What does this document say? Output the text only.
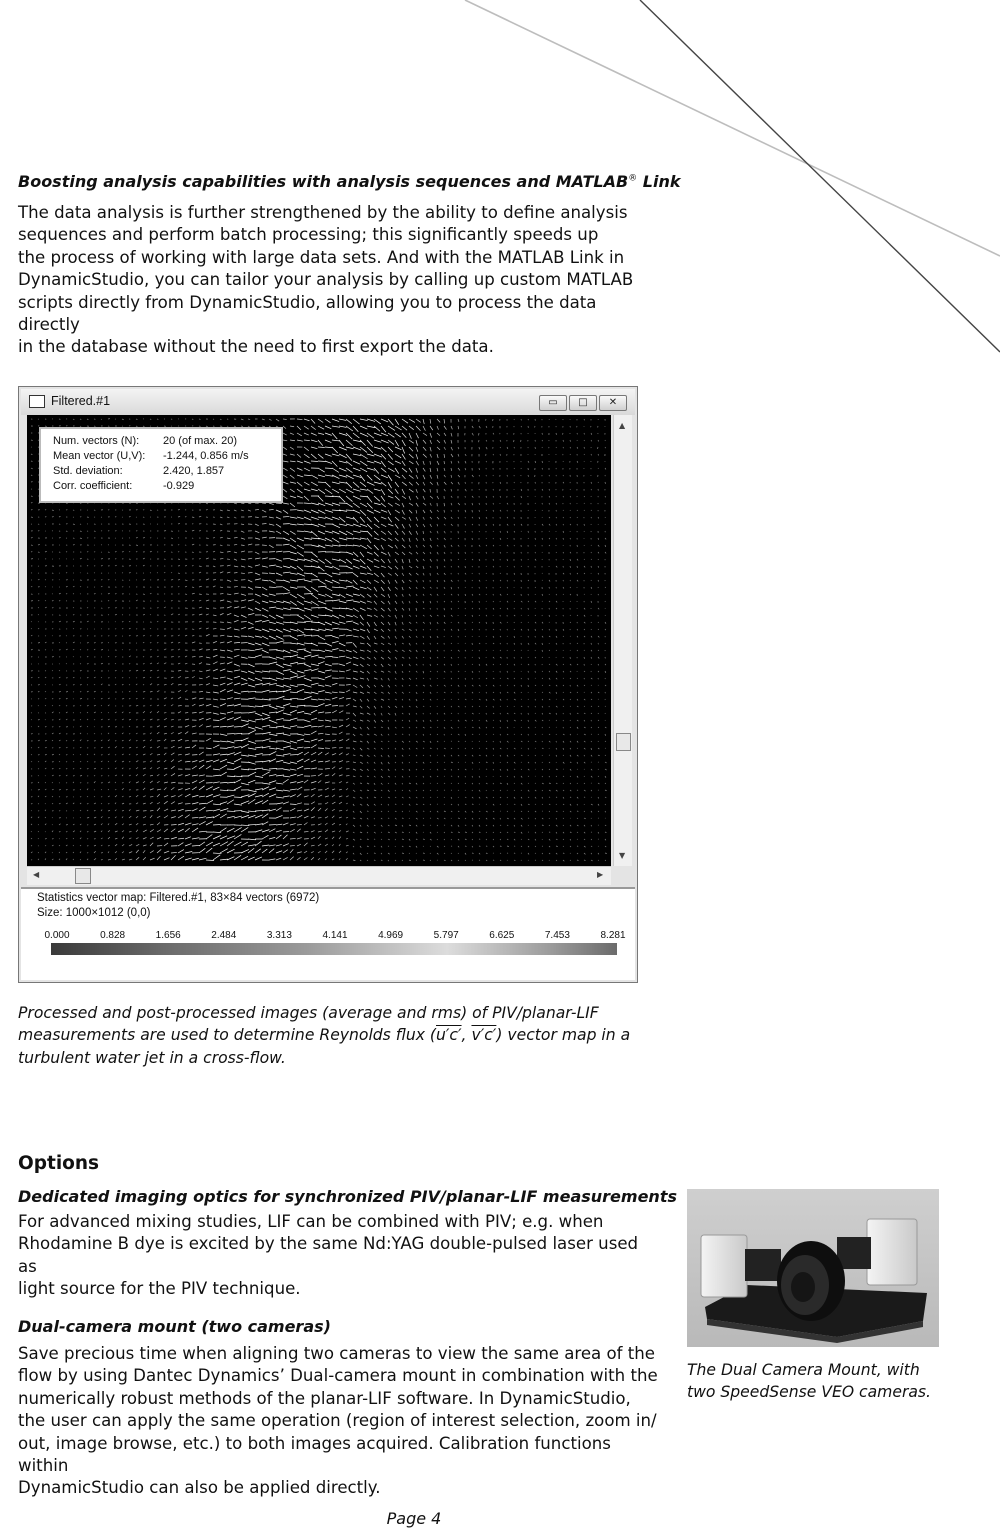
Boosting analysis capabilities with analysis sequences and MATLAB® Link
The data analysis is further strengthened by the ability to define analysis
sequences and perform batch processing; this significantly speeds up
the process of working with large data sets. And with the MATLAB Link in
DynamicStudio, you can tailor your analysis by calling up custom MATLAB
scripts directly from DynamicStudio, allowing you to process the data directly
in the database without the need to first export the data.
Filtered.#1	▭	□	✕
Num. vectors (N): 20 (of max. 20)
Mean vector (U,V): -1.244, 0.856 m/s
Std. deviation:	2.420, 1.857
Corr. coefficient:	-0.929
▲
▼
◀	▶
Statistics vector map: Filtered.#1, 83×84 vectors (6972)
Size: 1000×1012 (0,0)
0.000	0.828	1.656	2.484	3.313	4.141	4.969	5.797	6.625	7.453	8.281
Processed and post-processed images (average and rms) of PIV/planar-LIF
measurements are used to determine Reynolds flux (u′c′, v′c′) vector map in a
turbulent water jet in a cross-flow.
Options
Dedicated imaging optics for synchronized PIV/planar-LIF measurements
For advanced mixing studies, LIF can be combined with PIV; e.g. when
Rhodamine B dye is excited by the same Nd:YAG double-pulsed laser used as
light source for the PIV technique.
Dual-camera mount (two cameras)
Save precious time when aligning two cameras to view the same area of the
flow by using Dantec Dynamics’ Dual-camera mount in combination with the
numerically robust methods of the planar-LIF software. In DynamicStudio,
the user can apply the same operation (region of interest selection, zoom in/
out, image browse, etc.) to both images acquired. Calibration functions within
DynamicStudio can also be applied directly.
The Dual Camera Mount, with
two SpeedSense VEO cameras.
Page 4
